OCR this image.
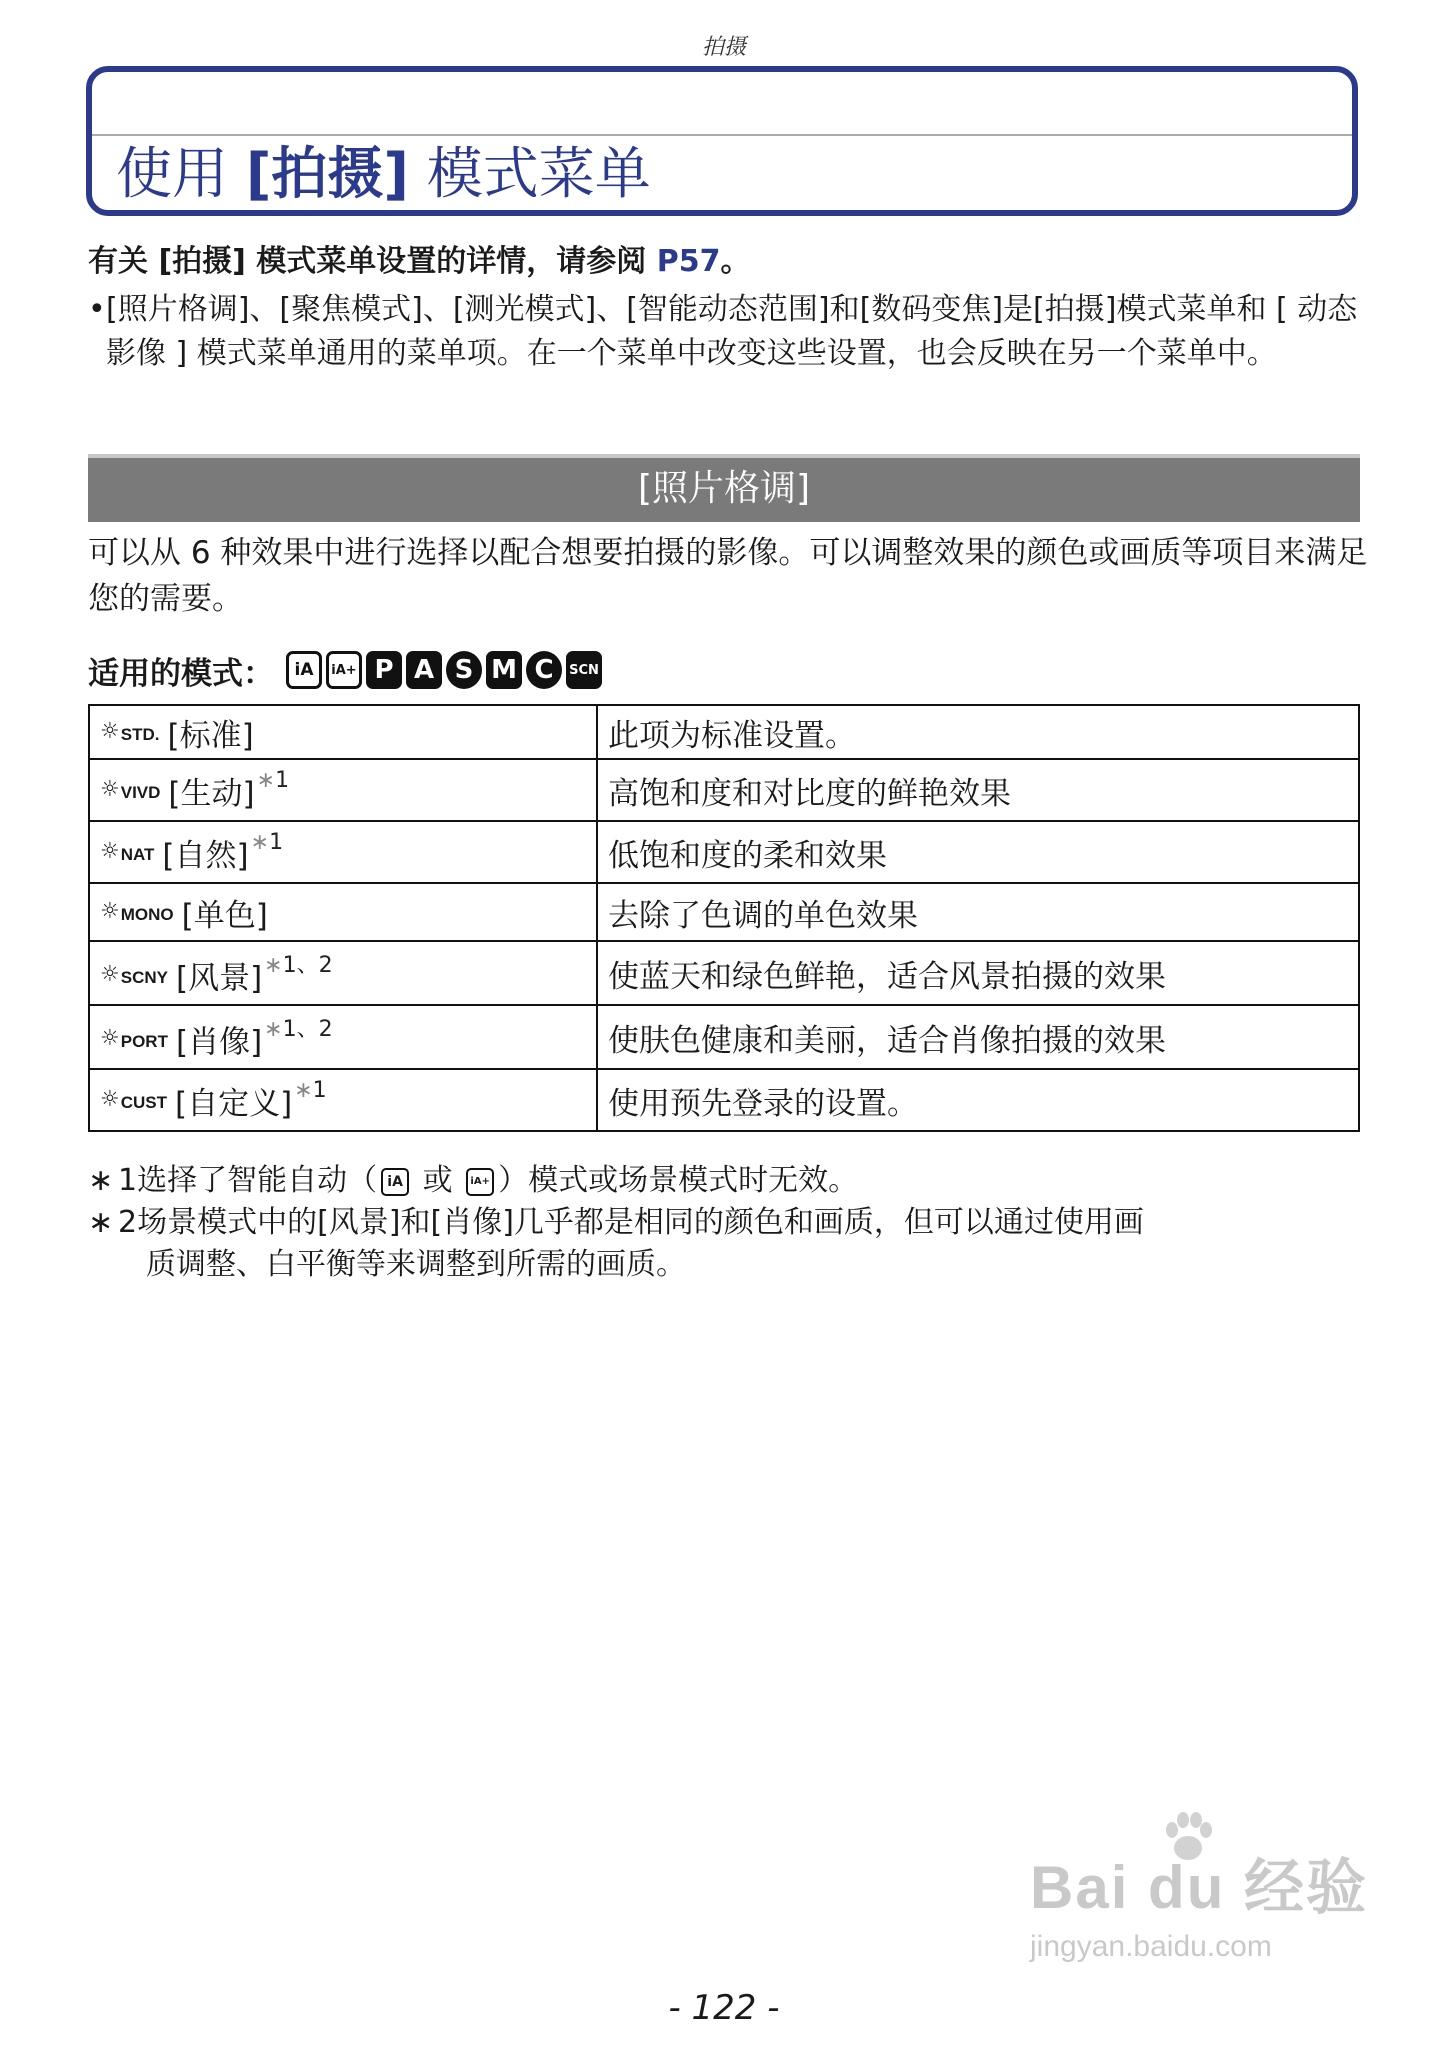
拍摄
使用 [拍摄] 模式菜单
有关 [拍摄] 模式菜单设置的详情，请参阅 P57。
• [照片格调]、[聚焦模式]、[测光模式]、[智能动态范围]和[数码变焦]是[拍摄]模式菜单和 [ 动态影像 ] 模式菜单通用的菜单项。在一个菜单中改变这些设置，也会反映在另一个菜单中。
[照片格调]
可以从 6 种效果中进行选择以配合想要拍摄的影像。可以调整效果的颜色或画质等项目来满足您的需要。
适用的模式：	iA	iA+ P A S M C	SCN
☼ STD. [标准]	此项为标准设置。

☼ VIVD [生动]$^{∗1}$	高饱和度和对比度的鲜艳效果

☼ NAT [自然]$^{∗1}$	低饱和度的柔和效果

☼ MONO [单色]	去除了色调的单色效果

☼ SCNY [风景]$^{∗1、2}$	使蓝天和绿色鲜艳，适合风景拍摄的效果

☼ PORT [肖像]$^{∗1、2}$	使肤色健康和美丽，适合肖像拍摄的效果

☼ CUST [自定义]$^{∗1}$	使用预先登录的设置。
∗ 1选择了智能自动（ iA 或 iA+ ）模式或场景模式时无效。
∗ 2场景模式中的[风景]和[肖像]几乎都是相同的颜色和画质，但可以通过使用画
质调整、白平衡等来调整到所需的画质。
Bai du 经验
jingyan.baidu.com
- 122 -
